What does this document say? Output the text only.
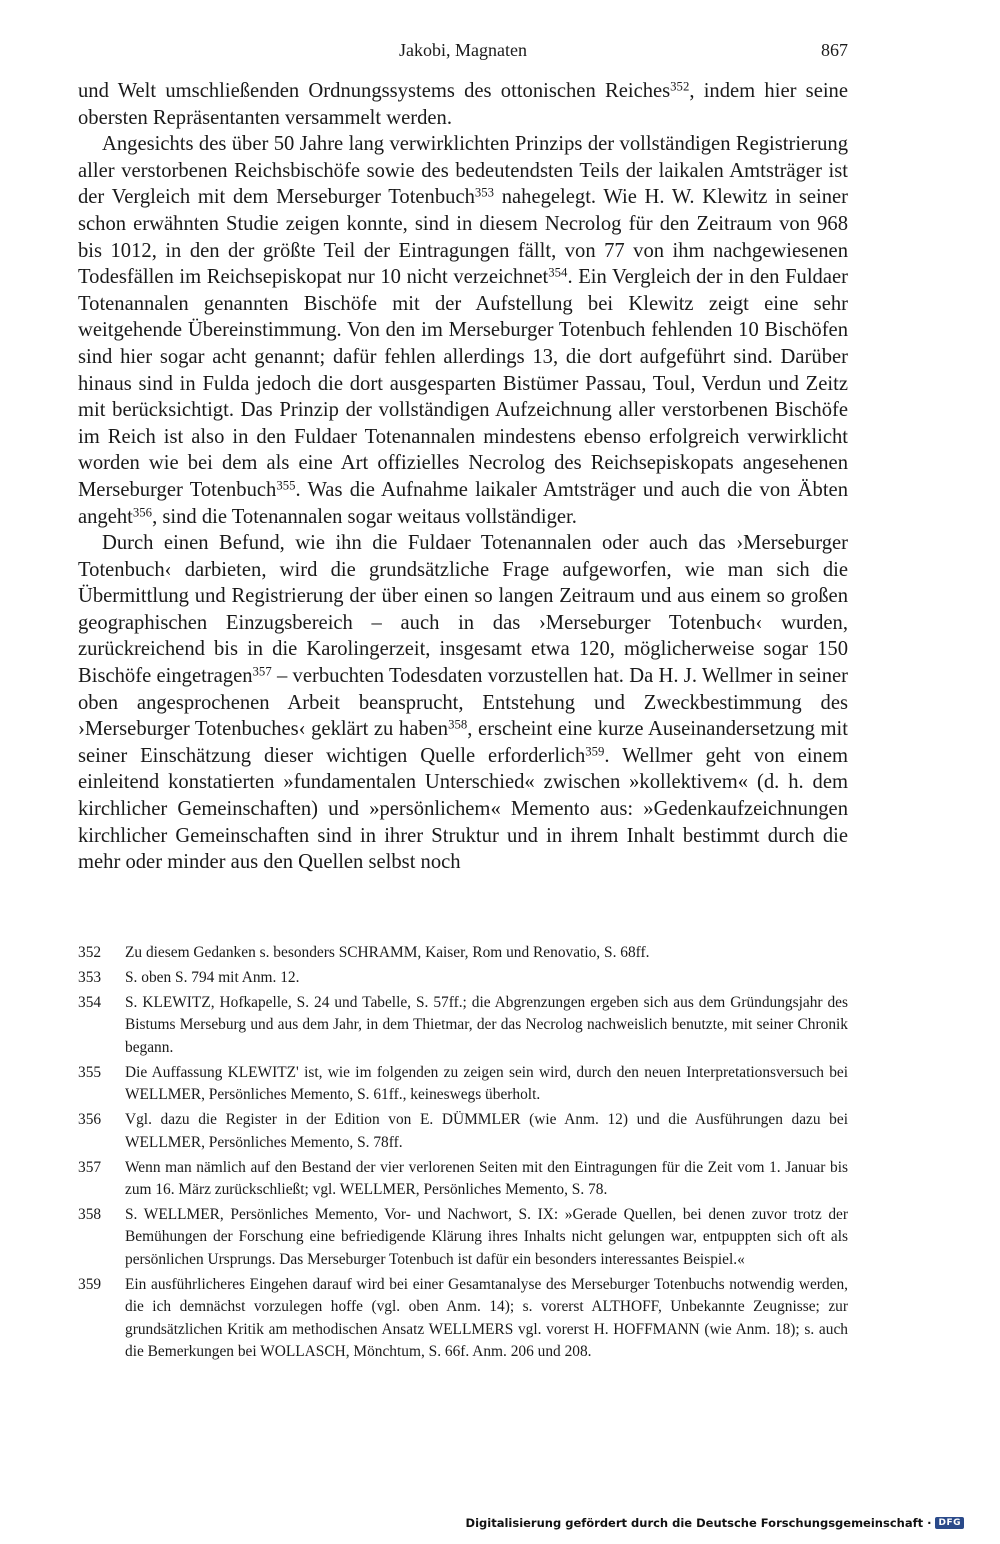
Jakobi, Magnaten	867

und Welt umschließenden Ordnungssystems des ottonischen Reiches$^{352}$, indem hier seine obersten Repräsentanten versammelt werden.

Angesichts des über 50 Jahre lang verwirklichten Prinzips der vollständigen Registrierung aller verstorbenen Reichsbischöfe sowie des bedeutendsten Teils der laikalen Amtsträger ist der Vergleich mit dem Merseburger Totenbuch$^{353}$ nahegelegt. Wie H. W. Klewitz in seiner schon erwähnten Studie zeigen konnte, sind in diesem Necrolog für den Zeitraum von 968 bis 1012, in den der größte Teil der Eintragungen fällt, von 77 von ihm nachgewiesenen Todesfällen im Reichsepiskopat nur 10 nicht verzeichnet$^{354}$. Ein Vergleich der in den Fuldaer Totenannalen genannten Bischöfe mit der Aufstellung bei Klewitz zeigt eine sehr weitgehende Übereinstimmung. Von den im Merseburger Totenbuch fehlenden 10 Bischöfen sind hier sogar acht genannt; dafür fehlen allerdings 13, die dort aufgeführt sind. Darüber hinaus sind in Fulda jedoch die dort ausgesparten Bistümer Passau, Toul, Verdun und Zeitz mit berücksichtigt. Das Prinzip der vollständigen Aufzeichnung aller verstorbenen Bischöfe im Reich ist also in den Fuldaer Totenannalen mindestens ebenso erfolgreich verwirklicht worden wie bei dem als eine Art offizielles Necrolog des Reichsepiskopats angesehenen Merseburger Totenbuch$^{355}$. Was die Aufnahme laikaler Amtsträger und auch die von Äbten angeht$^{356}$, sind die Totenannalen sogar weitaus vollständiger.

Durch einen Befund, wie ihn die Fuldaer Totenannalen oder auch das ›Merseburger Totenbuch‹ darbieten, wird die grundsätzliche Frage aufgeworfen, wie man sich die Übermittlung und Registrierung der über einen so langen Zeitraum und aus einem so großen geographischen Einzugsbereich – auch in das ›Merseburger Totenbuch‹ wurden, zurückreichend bis in die Karolingerzeit, insgesamt etwa 120, möglicherweise sogar 150 Bischöfe eingetragen$^{357}$ – verbuchten Todesdaten vorzustellen hat. Da H. J. Wellmer in seiner oben angesprochenen Arbeit beansprucht, Entstehung und Zweckbestimmung des ›Merseburger Totenbuches‹ geklärt zu haben$^{358}$, erscheint eine kurze Auseinandersetzung mit seiner Einschätzung dieser wichtigen Quelle erforderlich$^{359}$. Wellmer geht von einem einleitend konstatierten »fundamentalen Unterschied« zwischen »kollektivem« (d. h. dem kirchlicher Gemeinschaften) und »persönlichem« Memento aus: »Gedenkaufzeichnungen kirchlicher Gemeinschaften sind in ihrer Struktur und in ihrem Inhalt bestimmt durch die mehr oder minder aus den Quellen selbst noch

352 Zu diesem Gedanken s. besonders SCHRAMM, Kaiser, Rom und Renovatio, S. 68ff.
353 S. oben S. 794 mit Anm. 12.
354 S. KLEWITZ, Hofkapelle, S. 24 und Tabelle, S. 57ff.; die Abgrenzungen ergeben sich aus dem Gründungsjahr des Bistums Merseburg und aus dem Jahr, in dem Thietmar, der das Necrolog nachweislich benutzte, mit seiner Chronik begann.
355 Die Auffassung KLEWITZ' ist, wie im folgenden zu zeigen sein wird, durch den neuen Interpretationsversuch bei WELLMER, Persönliches Memento, S. 61ff., keineswegs überholt.
356 Vgl. dazu die Register in der Edition von E. DÜMMLER (wie Anm. 12) und die Ausführungen dazu bei WELLMER, Persönliches Memento, S. 78ff.
357 Wenn man nämlich auf den Bestand der vier verlorenen Seiten mit den Eintragungen für die Zeit vom 1. Januar bis zum 16. März zurückschließt; vgl. WELLMER, Persönliches Memento, S. 78.
358 S. WELLMER, Persönliches Memento, Vor- und Nachwort, S. IX: »Gerade Quellen, bei denen zuvor trotz der Bemühungen der Forschung eine befriedigende Klärung ihres Inhalts nicht gelungen war, entpuppten sich oft als persönlichen Ursprungs. Das Merseburger Totenbuch ist dafür ein besonders interessantes Beispiel.«
359 Ein ausführlicheres Eingehen darauf wird bei einer Gesamtanalyse des Merseburger Totenbuchs notwendig werden, die ich demnächst vorzulegen hoffe (vgl. oben Anm. 14); s. vorerst ALTHOFF, Unbekannte Zeugnisse; zur grundsätzlichen Kritik am methodischen Ansatz WELLMERS vgl. vorerst H. HOFFMANN (wie Anm. 18); s. auch die Bemerkungen bei WOLLASCH, Mönchtum, S. 66f. Anm. 206 und 208.
Digitalisierung gefördert durch die Deutsche Forschungsgemeinschaft · DFG
